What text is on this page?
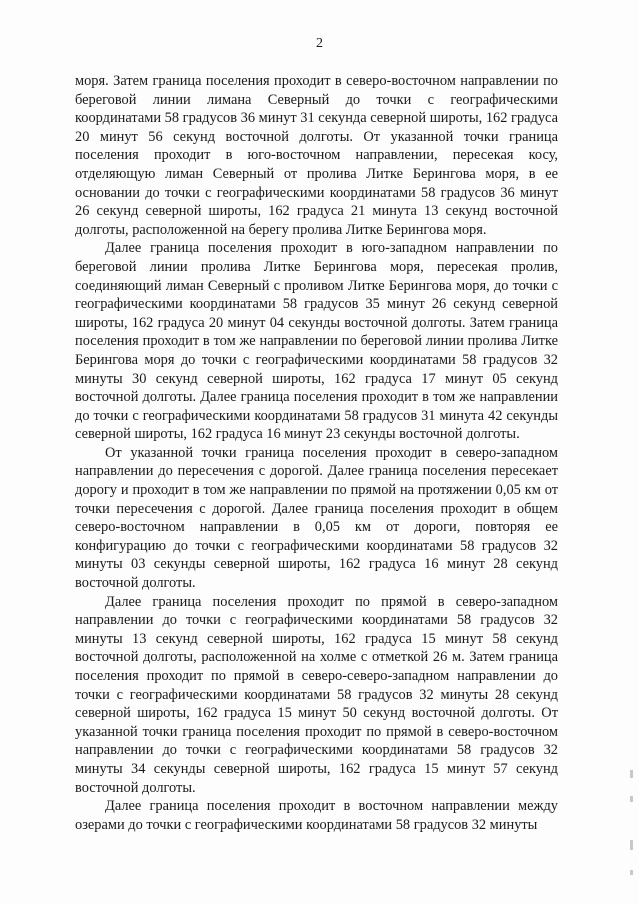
2

моря. Затем граница поселения проходит в северо-восточном направлении по береговой линии лимана Северный до точки с географическими координатами 58 градусов 36 минут 31 секунда северной широты, 162 градуса 20 минут 56 секунд восточной долготы. От указанной точки граница поселения проходит в юго-восточном направлении, пересекая косу, отделяющую лиман Северный от пролива Литке Берингова моря, в ее основании до точки с географическими координатами 58 градусов 36 минут 26 секунд северной широты, 162 градуса 21 минута 13 секунд восточной долготы, расположенной на берегу пролива Литке Берингова моря.

Далее граница поселения проходит в юго-западном направлении по береговой линии пролива Литке Берингова моря, пересекая пролив, соединяющий лиман Северный с проливом Литке Берингова моря, до точки с географическими координатами 58 градусов 35 минут 26 секунд северной широты, 162 градуса 20 минут 04 секунды восточной долготы. Затем граница поселения проходит в том же направлении по береговой линии пролива Литке Берингова моря до точки с географическими координатами 58 градусов 32 минуты 30 секунд северной широты, 162 градуса 17 минут 05 секунд восточной долготы. Далее граница поселения проходит в том же направлении до точки с географическими координатами 58 градусов 31 минута 42 секунды северной широты, 162 градуса 16 минут 23 секунды восточной долготы.

От указанной точки граница поселения проходит в северо-западном направлении до пересечения с дорогой. Далее граница поселения пересекает дорогу и проходит в том же направлении по прямой на протяжении 0,05 км от точки пересечения с дорогой. Далее граница поселения проходит в общем северо-восточном направлении в 0,05 км от дороги, повторяя ее конфигурацию до точки с географическими координатами 58 градусов 32 минуты 03 секунды северной широты, 162 градуса 16 минут 28 секунд восточной долготы.

Далее граница поселения проходит по прямой в северо-западном направлении до точки с географическими координатами 58 градусов 32 минуты 13 секунд северной широты, 162 градуса 15 минут 58 секунд восточной долготы, расположенной на холме с отметкой 26 м. Затем граница поселения проходит по прямой в северо-северо-западном направлении до точки с географическими координатами 58 градусов 32 минуты 28 секунд северной широты, 162 градуса 15 минут 50 секунд восточной долготы. От указанной точки граница поселения проходит по прямой в северо-восточном направлении до точки с географическими координатами 58 градусов 32 минуты 34 секунды северной широты, 162 градуса 15 минут 57 секунд восточной долготы.

Далее граница поселения проходит в восточном направлении между озерами до точки с географическими координатами 58 градусов 32 минуты
